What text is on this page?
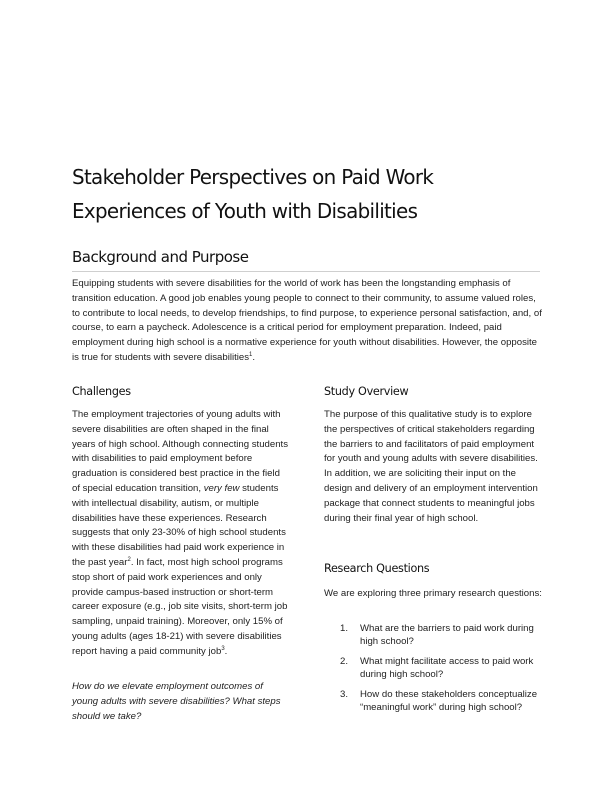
Stakeholder Perspectives on Paid Work Experiences of Youth with Disabilities
Background and Purpose

Equipping students with severe disabilities for the world of work has been the longstanding emphasis of transition education. A good job enables young people to connect to their community, to assume valued roles, to contribute to local needs, to develop friendships, to find purpose, to experience personal satisfaction, and, of course, to earn a paycheck. Adolescence is a critical period for employment preparation. Indeed, paid employment during high school is a normative experience for youth without disabilities. However, the opposite is true for students with severe disabilities$^1$.

Challenges

The employment trajectories of young adults with severe disabilities are often shaped in the final years of high school. Although connecting students with disabilities to paid employment before graduation is considered best practice in the field of special education transition, very few students with intellectual disability, autism, or multiple disabilities have these experiences. Research suggests that only 23-30% of high school students with these disabilities had paid work experience in the past year$^2$. In fact, most high school programs stop short of paid work experiences and only provide campus-based instruction or short-term career exposure (e.g., job site visits, short-term job sampling, unpaid training). Moreover, only 15% of young adults (ages 18-21) with severe disabilities report having a paid community job$^3$.

How do we elevate employment outcomes of young adults with severe disabilities? What steps should we take?

Study Overview

The purpose of this qualitative study is to explore the perspectives of critical stakeholders regarding the barriers to and facilitators of paid employment for youth and young adults with severe disabilities. In addition, we are soliciting their input on the design and delivery of an employment intervention package that connect students to meaningful jobs during their final year of high school.

Research Questions

We are exploring three primary research questions:

1. What are the barriers to paid work during high school?
2. What might facilitate access to paid work during high school?
3. How do these stakeholders conceptualize “meaningful work” during high school?
